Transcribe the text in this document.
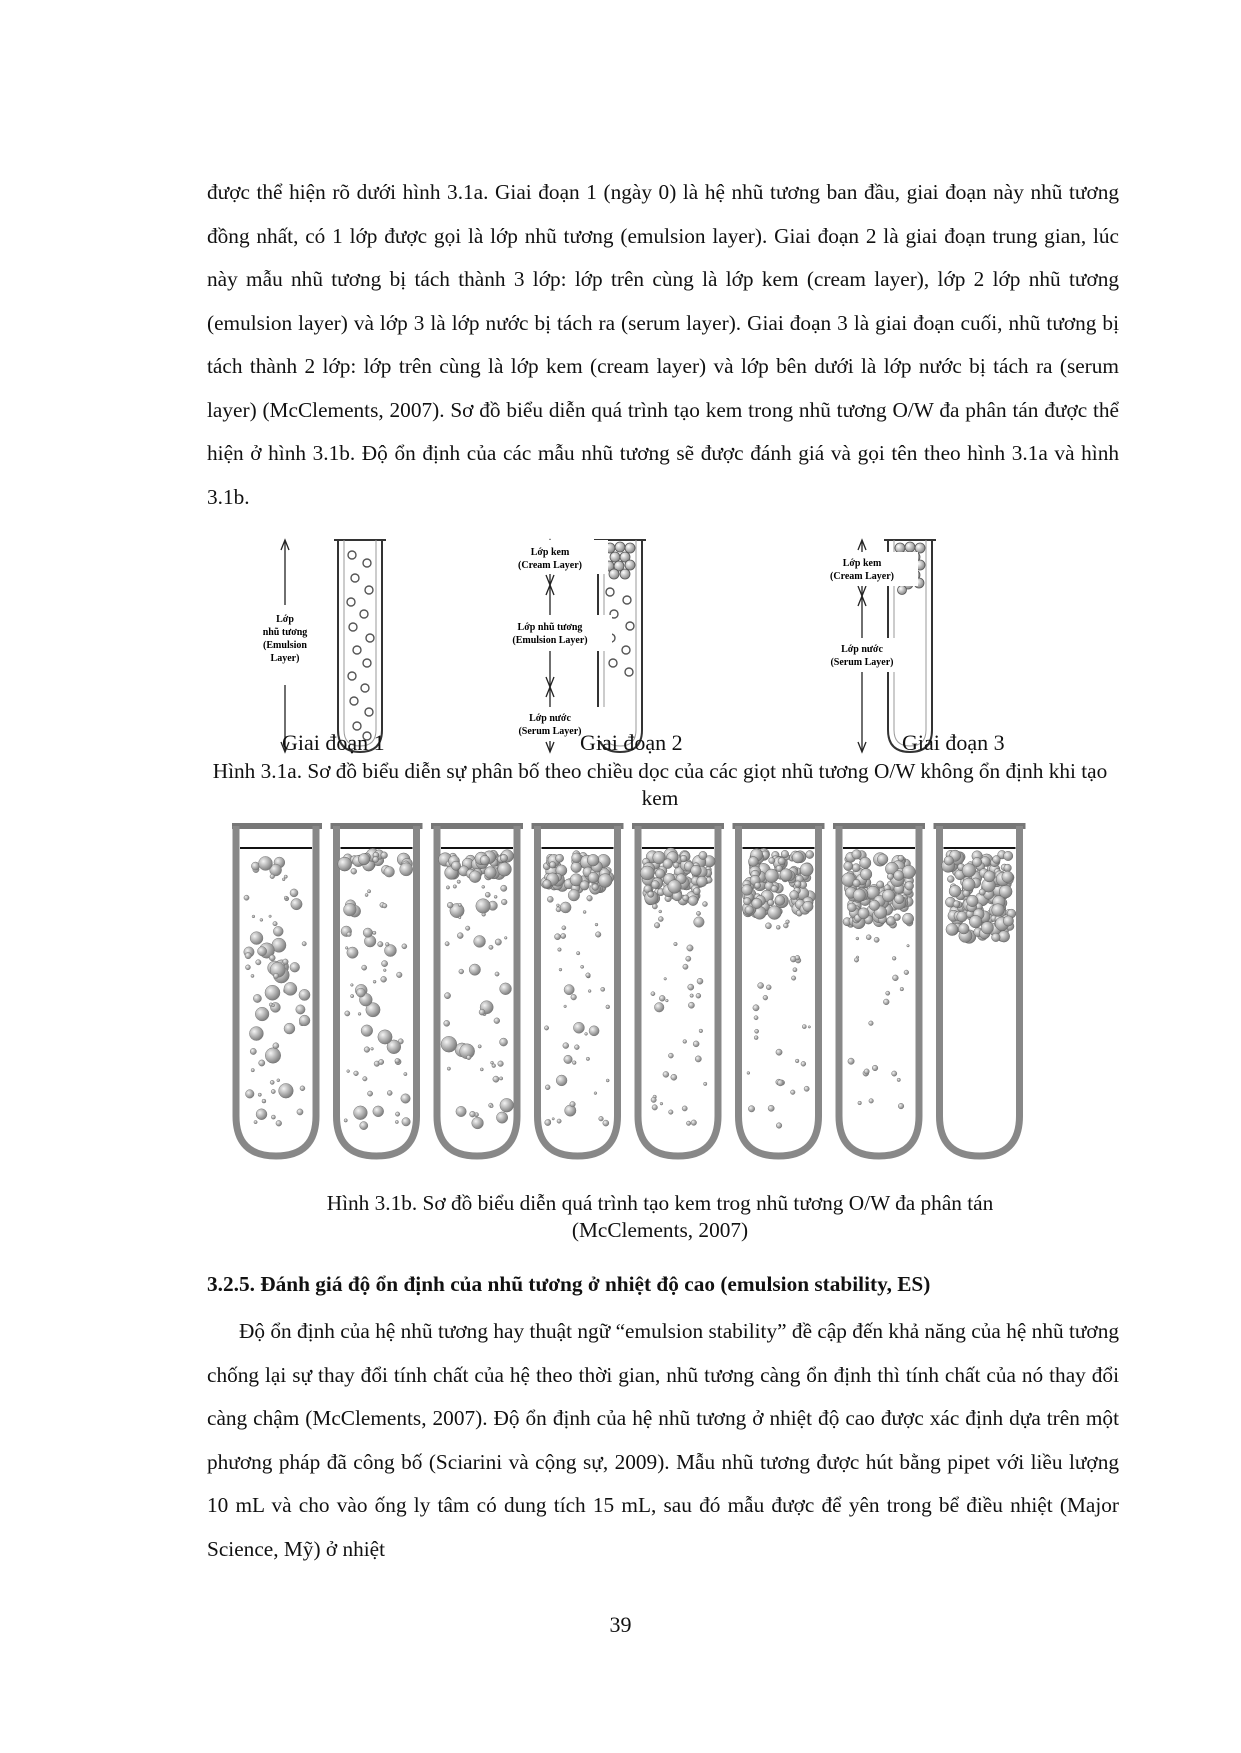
được thể hiện rõ dưới hình 3.1a. Giai đoạn 1 (ngày 0) là hệ nhũ tương ban đầu, giai đoạn này nhũ tương đồng nhất, có 1 lớp được gọi là lớp nhũ tương (emulsion layer). Giai đoạn 2 là giai đoạn trung gian, lúc này mẫu nhũ tương bị tách thành 3 lớp: lớp trên cùng là lớp kem (cream layer), lớp 2 lớp nhũ tương (emulsion layer) và lớp 3 là lớp nước bị tách ra (serum layer). Giai đoạn 3 là giai đoạn cuối, nhũ tương bị tách thành 2 lớp: lớp trên cùng là lớp kem (cream layer) và lớp bên dưới là lớp nước bị tách ra (serum layer) (McClements, 2007). Sơ đồ biểu diễn quá trình tạo kem trong nhũ tương O/W đa phân tán được thể hiện ở hình 3.1b. Độ ổn định của các mẫu nhũ tương sẽ được đánh giá và gọi tên theo hình 3.1a và hình 3.1b.

Lớp
nhũ tương
(Emulsion
Layer)
Lớp kem
(Cream Layer)
Lớp nhũ tương
(Emulsion Layer)
Lớp nước
(Serum Layer)
Lớp kem
(Cream Layer)
Lớp nước
(Serum Layer)
Giai đoạn 1	Giai đoạn 2	Giai đoạn 3
Hình 3.1a. Sơ đồ biểu diễn sự phân bố theo chiều dọc của các giọt nhũ tương O/W không ổn định khi tạo kem
Hình 3.1b. Sơ đồ biểu diễn quá trình tạo kem trog nhũ tương O/W đa phân tán
(McClements, 2007)
3.2.5. Đánh giá độ ổn định của nhũ tương ở nhiệt độ cao (emulsion stability, ES)

Độ ổn định của hệ nhũ tương hay thuật ngữ “emulsion stability” đề cập đến khả năng của hệ nhũ tương chống lại sự thay đổi tính chất của hệ theo thời gian, nhũ tương càng ổn định thì tính chất của nó thay đổi càng chậm (McClements, 2007). Độ ổn định của hệ nhũ tương ở nhiệt độ cao được xác định dựa trên một phương pháp đã công bố (Sciarini và cộng sự, 2009). Mẫu nhũ tương được hút bằng pipet với liều lượng 10 mL và cho vào ống ly tâm có dung tích 15 mL, sau đó mẫu được để yên trong bể điều nhiệt (Major Science, Mỹ) ở nhiệt

39
